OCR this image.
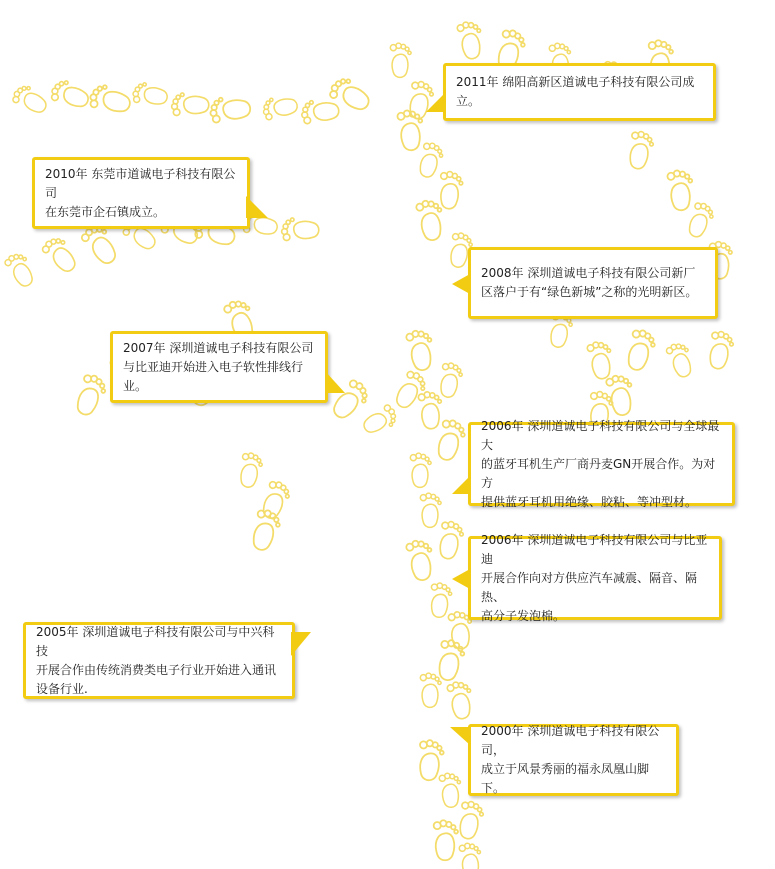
2011年 绵阳高新区道诚电子科技有限公司成立。
2010年 东莞市道诚电子科技有限公司
在东莞市企石镇成立。
2008年 深圳道诚电子科技有限公司新厂
区落户于有“绿色新城”之称的光明新区。
2007年 深圳道诚电子科技有限公司
与比亚迪开始进入电子软性排线行业。
2006年 深圳道诚电子科技有限公司与全球最大
的蓝牙耳机生产厂商丹麦GN开展合作。为对方
提供蓝牙耳机用绝缘、胶粘、等冲型材。
2006年 深圳道诚电子科技有限公司与比亚迪
开展合作向对方供应汽车减震、隔音、隔热、
高分子发泡棉。
2005年 深圳道诚电子科技有限公司与中兴科技
开展合作由传统消费类电子行业开始进入通讯
设备行业.
2000年 深圳道诚电子科技有限公司，
成立于风景秀丽的福永凤凰山脚下。
